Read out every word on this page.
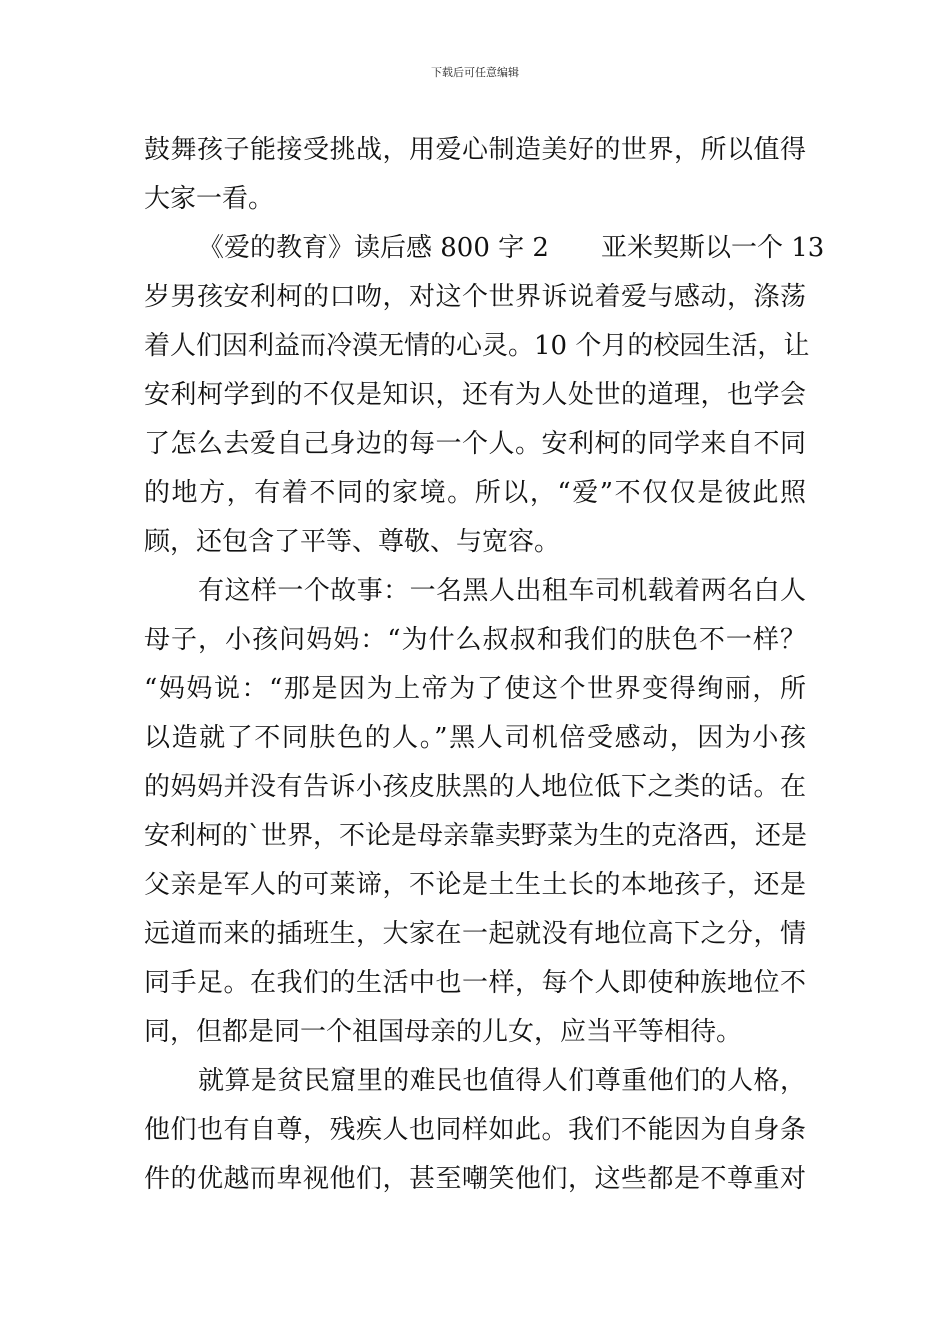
下载后可任意编辑
鼓舞孩子能接受挑战，用爱心制造美好的世界，所以值得
大家一看。
《爱的教育》读后感 800 字 2　　亚米契斯以一个 13
岁男孩安利柯的口吻，对这个世界诉说着爱与感动，涤荡
着人们因利益而冷漠无情的心灵。10 个月的校园生活，让
安利柯学到的不仅是知识，还有为人处世的道理，也学会
了怎么去爱自己身边的每一个人。安利柯的同学来自不同
的地方，有着不同的家境。所以，“爱”不仅仅是彼此照
顾，还包含了平等、尊敬、与宽容。
有这样一个故事：一名黑人出租车司机载着两名白人
母子，小孩问妈妈：“为什么叔叔和我们的肤色不一样？
“妈妈说：“那是因为上帝为了使这个世界变得绚丽，所
以造就了不同肤色的人。”黑人司机倍受感动，因为小孩
的妈妈并没有告诉小孩皮肤黑的人地位低下之类的话。在
安利柯的`世界，不论是母亲靠卖野菜为生的克洛西，还是
父亲是军人的可莱谛，不论是土生土长的本地孩子，还是
远道而来的插班生，大家在一起就没有地位高下之分，情
同手足。在我们的生活中也一样，每个人即使种族地位不
同，但都是同一个祖国母亲的儿女，应当平等相待。
就算是贫民窟里的难民也值得人们尊重他们的人格，
他们也有自尊，残疾人也同样如此。我们不能因为自身条
件的优越而卑视他们，甚至嘲笑他们，这些都是不尊重对
